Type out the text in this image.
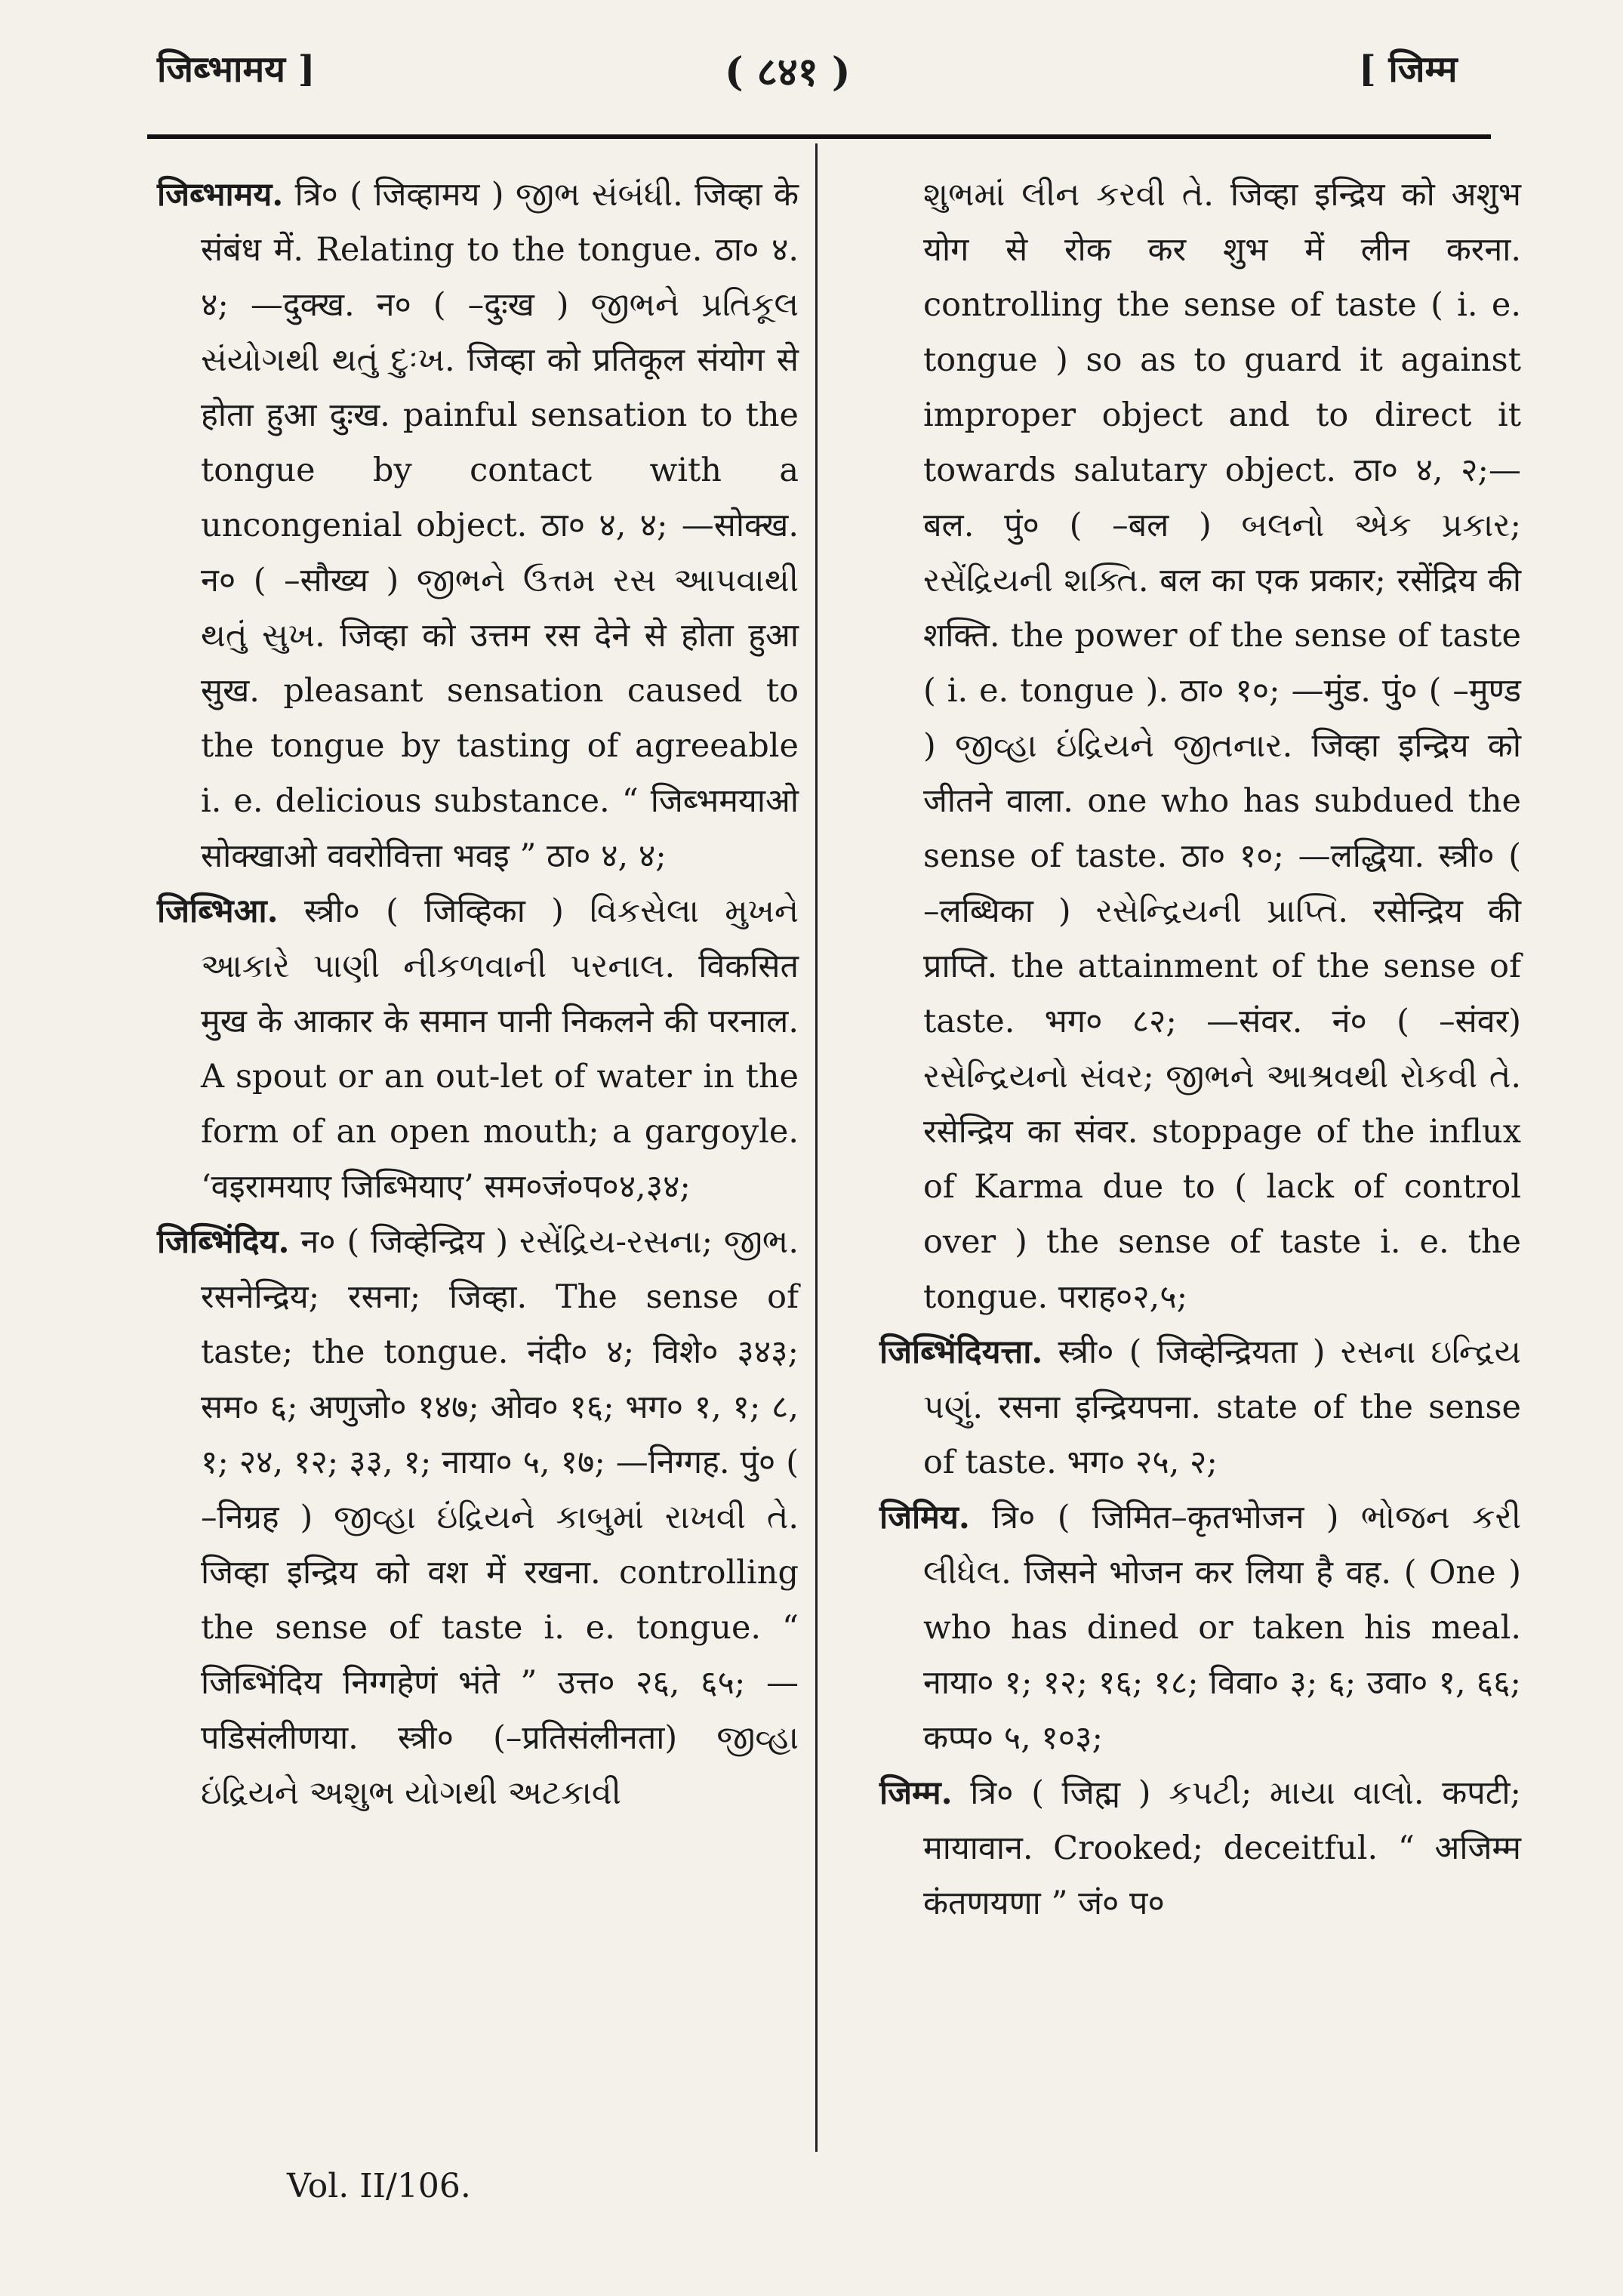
जिब्भामय ]	( ८४१ )	[ जिम्म

जिब्भामय. त्रि० ( जिव्हामय ) જીભ સંબંધી. जिव्हा के संबंध में. Relating to the tongue. ठा० ४. ४; —दुक्ख. न० ( –दुःख ) જીભને પ્રતિકૂલ સંયોગથી થતું દુઃખ. जिव्हा को प्रतिकूल संयोग से होता हुआ दुःख. painful sensation to the tongue by contact with a uncongenial object. ठा० ४, ४; —सोक्ख. न० ( –सौख्य ) જીભને ઉત્તમ રસ આપવાથી થતું સુખ. जिव्हा को उत्तम रस देने से होता हुआ सुख. pleasant sensation caused to the tongue by tasting of agreeable i. e. delicious substance. “ जिब्भमयाओ सोक्खाओ ववरोवित्ता भवइ ” ठा० ४, ४;

जिब्भिआ. स्त्री० ( जिव्हिका ) વિકસેલા મુખને આકારે પાણી નીકળવાની પરનાલ. विकसित मुख के आकार के समान पानी निकलने की परनाल. A spout or an out-let of water in the form of an open mouth; a gargoyle. ‘वइरामयाए जिब्भियाए’ सम०जं०प०४,३४;

जिब्भिंदिय. न० ( जिव्हेन्द्रिय ) રસેંદ્રિય-રસના; જીભ. रसनेन्द्रिय; रसना; जिव्हा. The sense of taste; the tongue. नंदी० ४; विशे० ३४३; सम० ६; अणुजो० १४७; ओव० १६; भग० १, १; ८, १; २४, १२; ३३, १; नाया० ५, १७; —निग्गह. पुं० ( –निग्रह ) જીવ્હા ઇંદ્રિયને કાબુમાં રાખવી તે. जिव्हा इन्द्रिय को वश में रखना. controlling the sense of taste i. e. tongue. “ जिब्भिंदिय निग्गहेणं भंते ” उत्त० २६, ६५; —पडिसंलीणया. स्त्री० (–प्रतिसंलीनता) જીવ્હા ઇંદ્રિયને અશુભ યોગથી અટકાવી

શુભમાં લીન કરવી તે. जिव्हा इन्द्रिय को अशुभ योग से रोक कर शुभ में लीन करना. controlling the sense of taste ( i. e. tongue ) so as to guard it against improper object and to direct it towards salutary object. ठा० ४, २;—बल. पुं० ( –बल ) બલનો એક પ્રકાર; રસેંદ્રિયની શક્તિ. बल का एक प्रकार; रसेंद्रिय की शक्ति. the power of the sense of taste ( i. e. tongue ). ठा० १०; —मुंड. पुं० ( –मुण्ड ) જીવ્હા ઇંદ્રિયને જીતનાર. जिव्हा इन्द्रिय को जीतने वाला. one who has subdued the sense of taste. ठा० १०; —लद्धिया. स्त्री० ( –लब्धिका ) રસેન્દ્રિયની પ્રાપ્તિ. रसेन्द्रिय की प्राप्ति. the attainment of the sense of taste. भग० ८२; —संवर. नं० ( –संवर) રસેન્દ્રિયનો સંવર; જીભને આશ્રવથી રોકવી તે. रसेन्द्रिय का संवर. stoppage of the influx of Karma due to ( lack of control over ) the sense of taste i. e. the tongue. पराह०२,५;

जिब्भिंदियत्ता. स्त्री० ( जिव्हेन्द्रियता ) રસના ઇન્દ્રિય પણું. रसना इन्द्रियपना. state of the sense of taste. भग० २५, २;

जिमिय. त्रि० ( जिमित–कृतभोजन ) ભોજન કરી લીધેલ. जिसने भोजन कर लिया है वह. ( One ) who has dined or taken his meal. नाया० १; १२; १६; १८; विवा० ३; ६; उवा० १, ६६; कप्प० ५, १०३;

जिम्म. त्रि० ( जिह्म ) કપટી; માયા વાલો. कपटी; मायावान. Crooked; deceitful. “ अजिम्म कंतणयणा ” जं० प०

Vol. II/106.
